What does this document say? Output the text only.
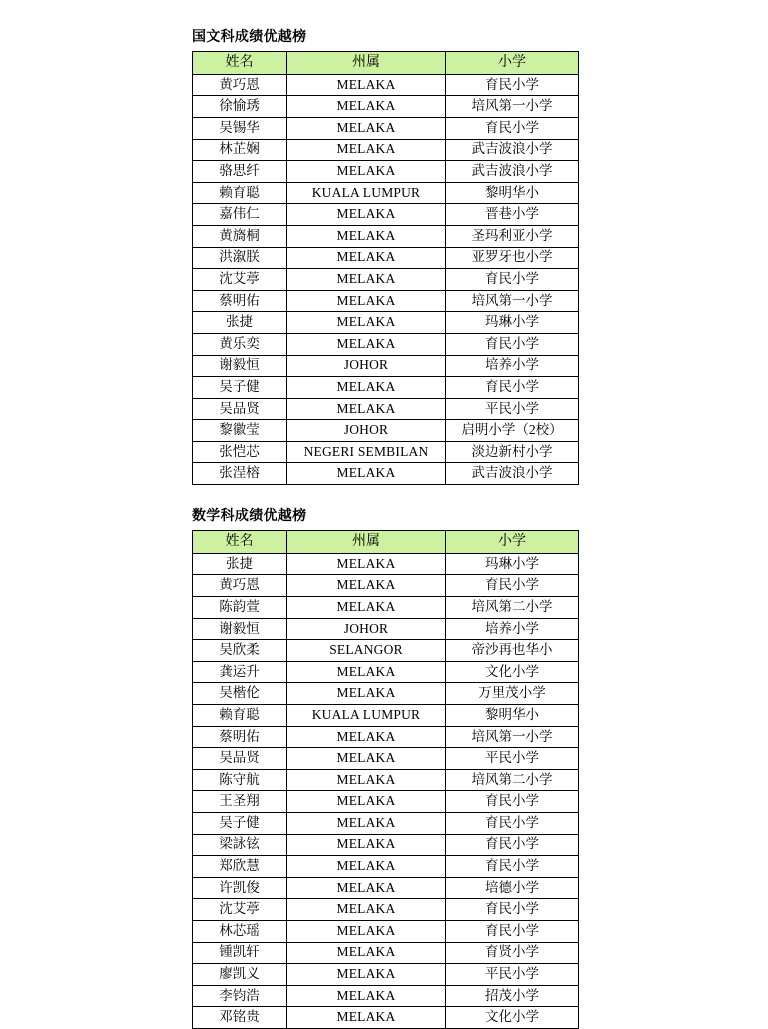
国文科成绩优越榜
姓名	州属	小学
黄巧恩	MELAKA	育民小学
徐愉琇	MELAKA	培风第一小学
吴锡华	MELAKA	育民小学
林芷娴	MELAKA	武吉波浪小学
骆思纤	MELAKA	武吉波浪小学
赖育聪	KUALA LUMPUR	黎明华小
嘉伟仁	MELAKA	晋巷小学
黄旖桐	MELAKA	圣玛利亚小学
洪溆朕	MELAKA	亚罗牙也小学
沈艾葶	MELAKA	育民小学
蔡明佑	MELAKA	培风第一小学
张捷	MELAKA	玛琳小学
黄乐奕	MELAKA	育民小学
谢毅恒	JOHOR	培养小学
吴子健	MELAKA	育民小学
吴品贤	MELAKA	平民小学
黎徽莹	JOHOR	启明小学（2校）
张恺芯	NEGERI SEMBILAN	淡边新村小学
张浧榕	MELAKA	武吉波浪小学
数学科成绩优越榜
姓名	州属	小学
张捷	MELAKA	玛琳小学
黄巧恩	MELAKA	育民小学
陈韵萱	MELAKA	培风第二小学
谢毅恒	JOHOR	培养小学
吴欣柔	SELANGOR	帝沙再也华小
龚运升	MELAKA	文化小学
吴楷伦	MELAKA	万里茂小学
赖育聪	KUALA LUMPUR	黎明华小
蔡明佑	MELAKA	培风第一小学
吴品贤	MELAKA	平民小学
陈守航	MELAKA	培风第二小学
王圣翔	MELAKA	育民小学
吴子健	MELAKA	育民小学
梁詠铉	MELAKA	育民小学
郑欣慧	MELAKA	育民小学
许凯俊	MELAKA	培德小学
沈艾葶	MELAKA	育民小学
林芯瑶	MELAKA	育民小学
锺凯轩	MELAKA	育贤小学
廖凯义	MELAKA	平民小学
李钧浩	MELAKA	招茂小学
邓铭贵	MELAKA	文化小学
